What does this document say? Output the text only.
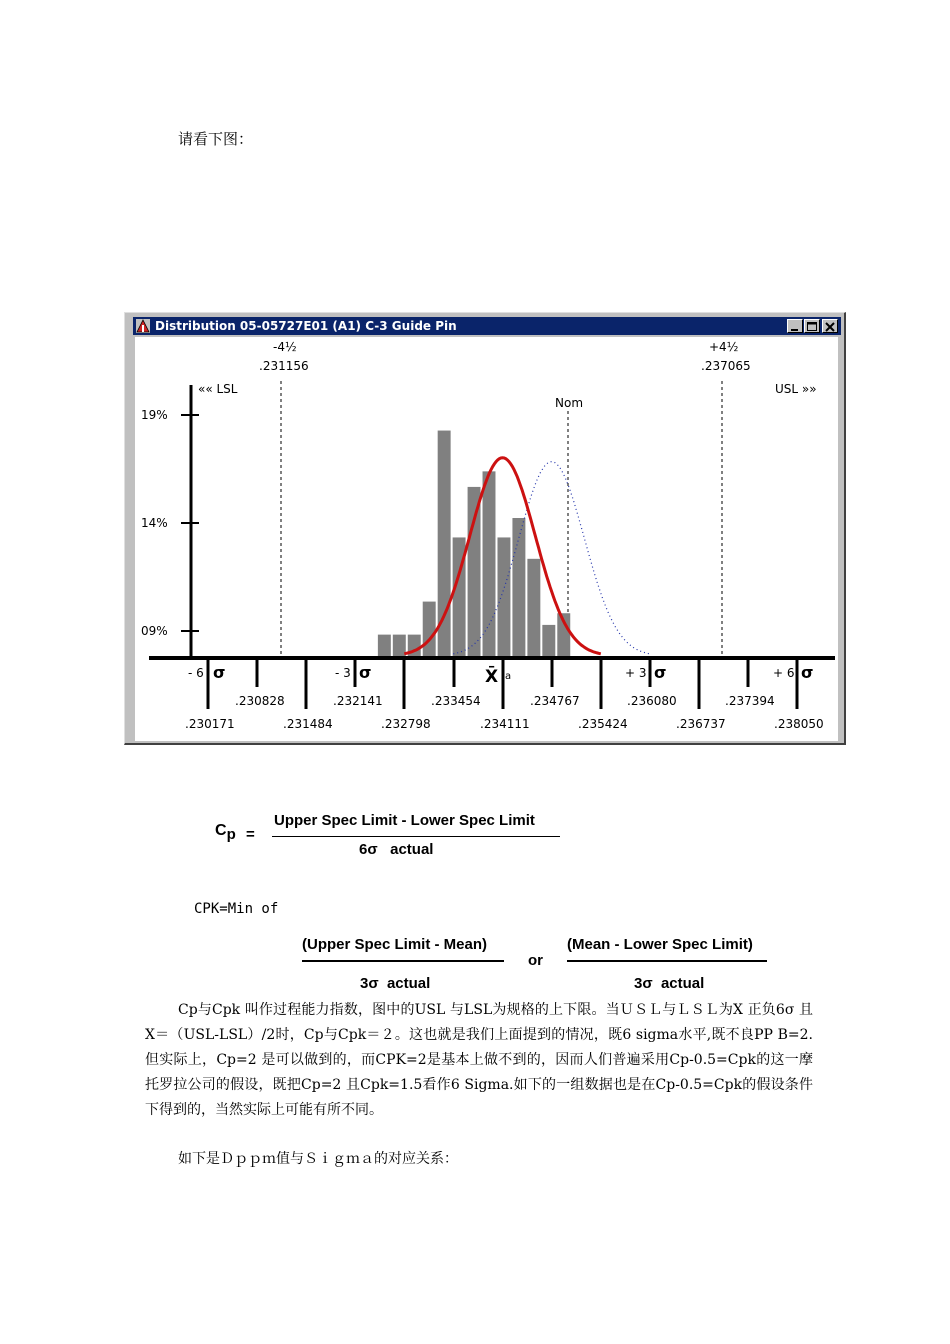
请看下图：
Distribution 05-05727E01 (A1) C-3 Guide Pin
19%
14%
09%
«« LSL	USL »»
-4½
.231156
+4½
.237065
Nom
- 6 σ	- 3 σ	X̄ a	+ 3 σ	+ 6 σ
.230828	.232141	.233454	.234767	.236080	.237394
.230171	.231484	.232798	.234111	.235424	.236737	.238050
$C_p$ =
Upper Spec Limit - Lower Spec Limit
6σ   actual
CPK=Min of
(Upper Spec Limit - Mean)
3σ  actual
or
(Mean - Lower Spec Limit)
3σ  actual
Cp与Cpk 叫作过程能力指数，图中的USL 与LSL为规格的上下限。当ＵＳＬ与ＬＳＬ为X 正负6σ 且X＝（USL-LSL）/2时，Cp与Cpk＝２。这也就是我们上面提到的情况，既6 sigma水平,既不良PP B=2.但实际上，Cp=2 是可以做到的，而CPK=2是基本上做不到的，因而人们普遍采用Cp-0.5=Cpk的这一摩托罗拉公司的假设，既把Cp=2 且Cpk=1.5看作6 Sigma.如下的一组数据也是在Cp-0.5=Cpk的假设条件下得到的，当然实际上可能有所不同。
如下是Ｄｐｐｍ值与Ｓｉｇｍａ的对应关系：
